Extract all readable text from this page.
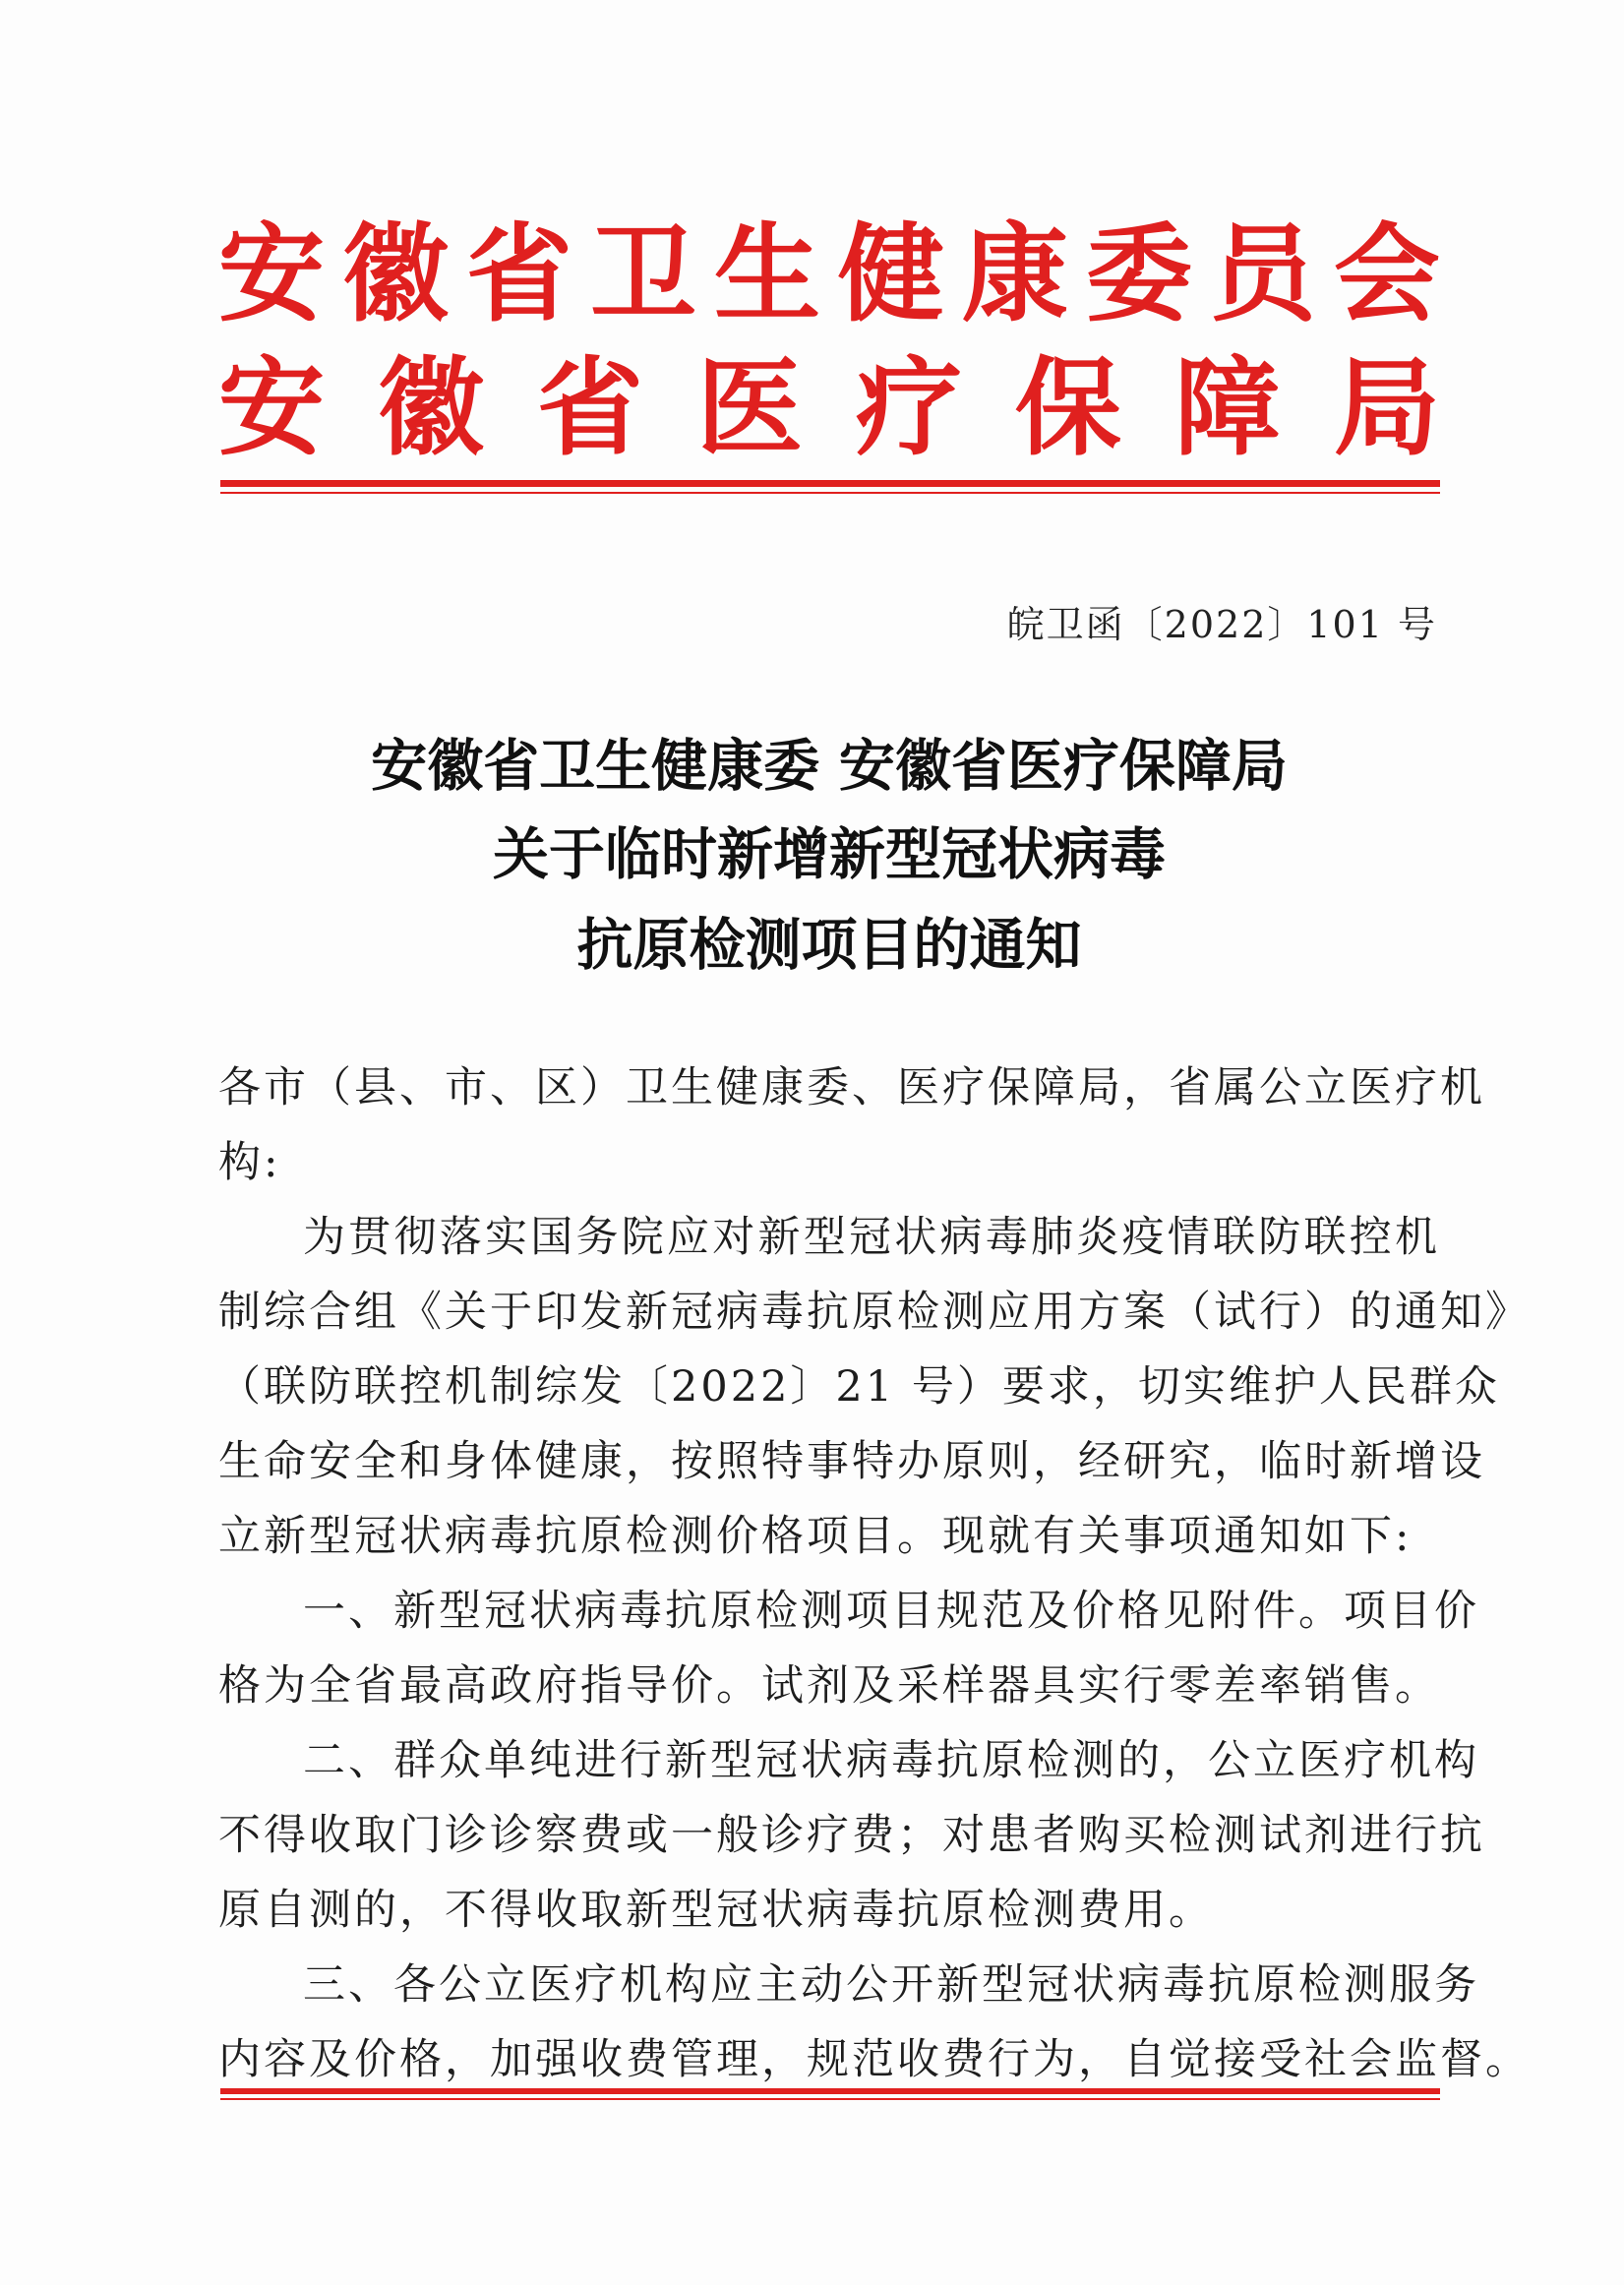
安 徽 省 卫 生 健 康 委 员 会
安 徽 省 医 疗 保 障 局
皖卫函〔2022〕101 号
安徽省卫生健康委 安徽省医疗保障局
关于临时新增新型冠状病毒
抗原检测项目的通知
各市（县、市、区）卫生健康委、医疗保障局，省属公立医疗机
构:
为贯彻落实国务院应对新型冠状病毒肺炎疫情联防联控机
制综合组《关于印发新冠病毒抗原检测应用方案（试行）的通知》
（联防联控机制综发〔2022〕21 号）要求，切实维护人民群众
生命安全和身体健康，按照特事特办原则，经研究，临时新增设
立新型冠状病毒抗原检测价格项目。现就有关事项通知如下:
一、新型冠状病毒抗原检测项目规范及价格见附件。项目价
格为全省最高政府指导价。试剂及采样器具实行零差率销售。
二、群众单纯进行新型冠状病毒抗原检测的，公立医疗机构
不得收取门诊诊察费或一般诊疗费；对患者购买检测试剂进行抗
原自测的，不得收取新型冠状病毒抗原检测费用。
三、各公立医疗机构应主动公开新型冠状病毒抗原检测服务
内容及价格，加强收费管理，规范收费行为，自觉接受社会监督。
